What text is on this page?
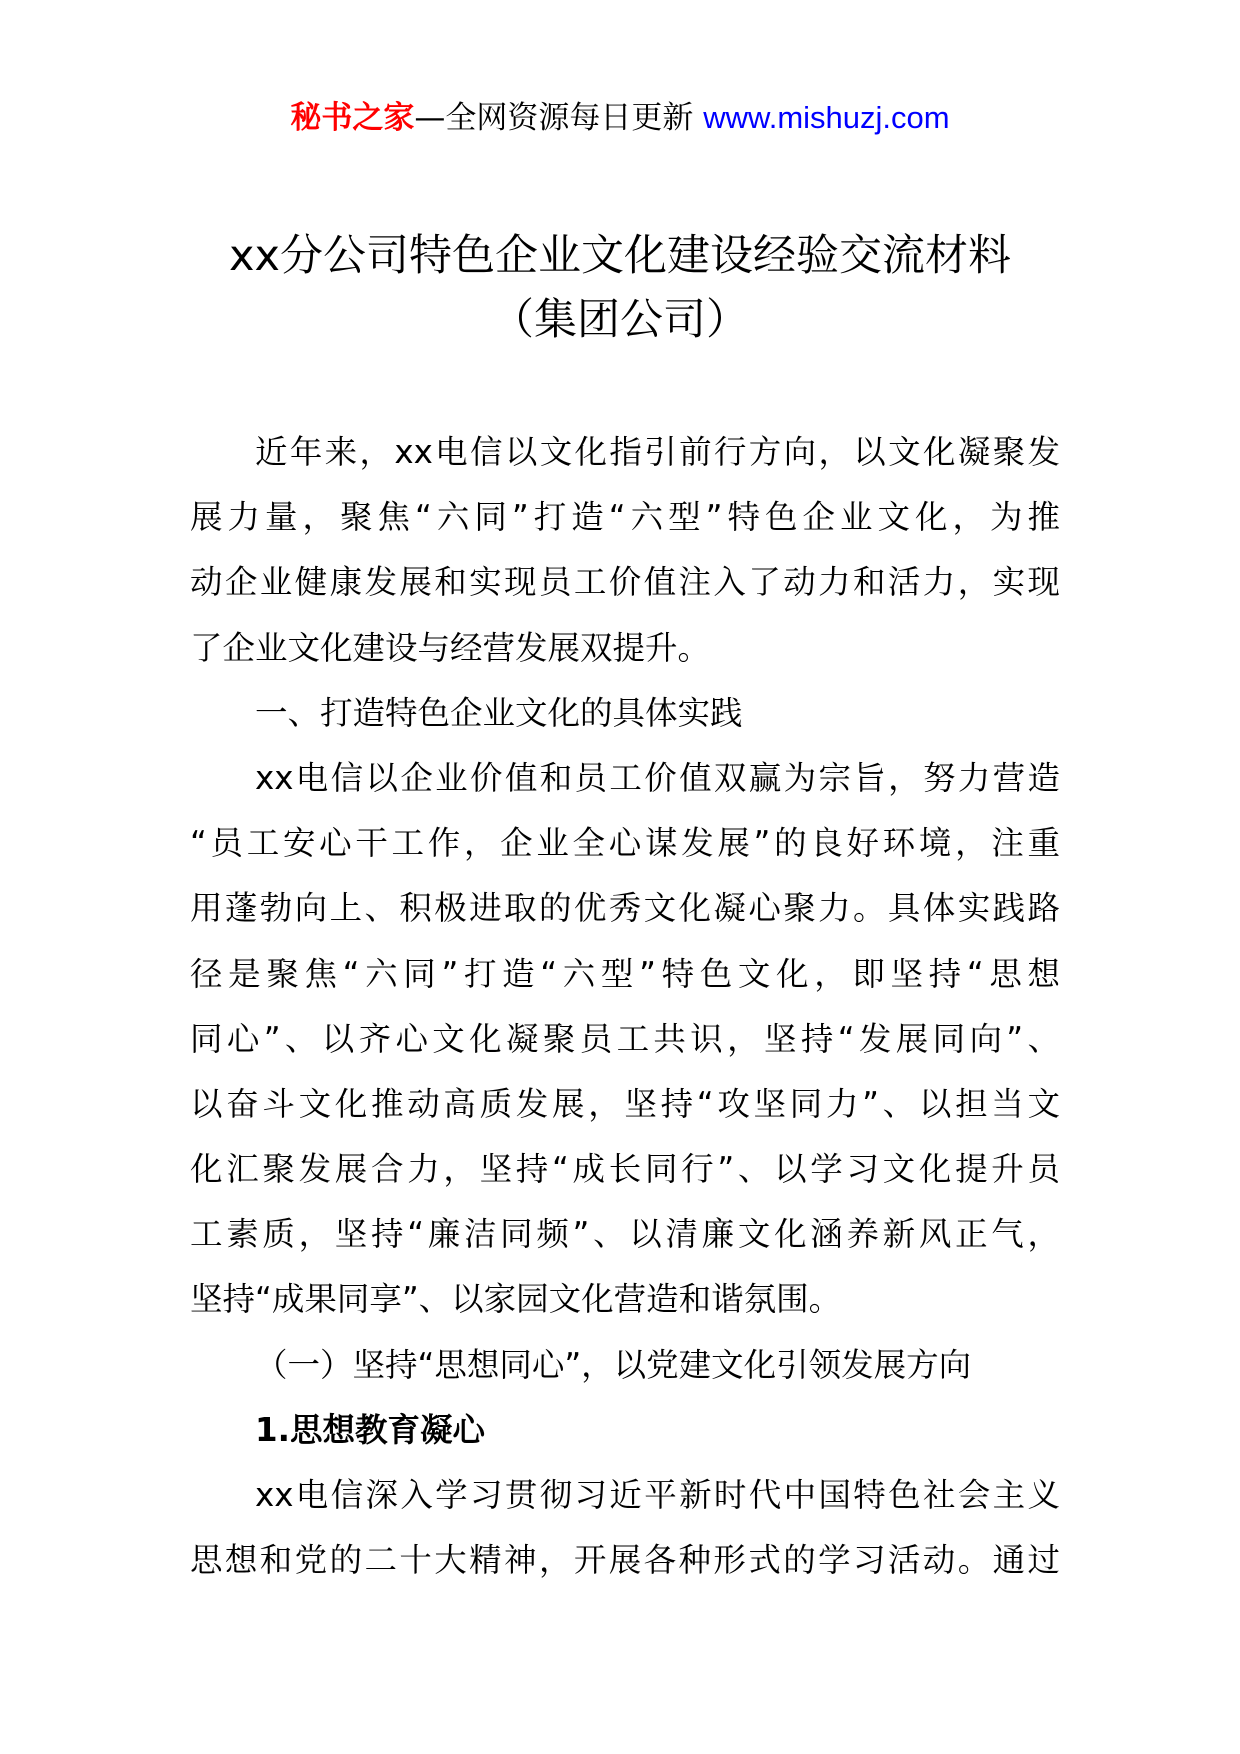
秘书之家—全网资源每日更新 www.mishuzj.com
xx分公司特色企业文化建设经验交流材料
（集团公司）
近年来，xx电信以文化指引前行方向，以文化凝聚发
展力量，聚焦“六同”打造“六型”特色企业文化，为推
动企业健康发展和实现员工价值注入了动力和活力，实现
了企业文化建设与经营发展双提升。
一、打造特色企业文化的具体实践
xx电信以企业价值和员工价值双赢为宗旨，努力营造
“员工安心干工作，企业全心谋发展”的良好环境，注重
用蓬勃向上、积极进取的优秀文化凝心聚力。具体实践路
径是聚焦“六同”打造“六型”特色文化，即坚持“思想
同心”、以齐心文化凝聚员工共识，坚持“发展同向”、
以奋斗文化推动高质发展，坚持“攻坚同力”、以担当文
化汇聚发展合力，坚持“成长同行”、以学习文化提升员
工素质，坚持“廉洁同频”、以清廉文化涵养新风正气，
坚持“成果同享”、以家园文化营造和谐氛围。
（一）坚持“思想同心”，以党建文化引领发展方向
1.思想教育凝心
xx电信深入学习贯彻习近平新时代中国特色社会主义
思想和党的二十大精神，开展各种形式的学习活动。通过
